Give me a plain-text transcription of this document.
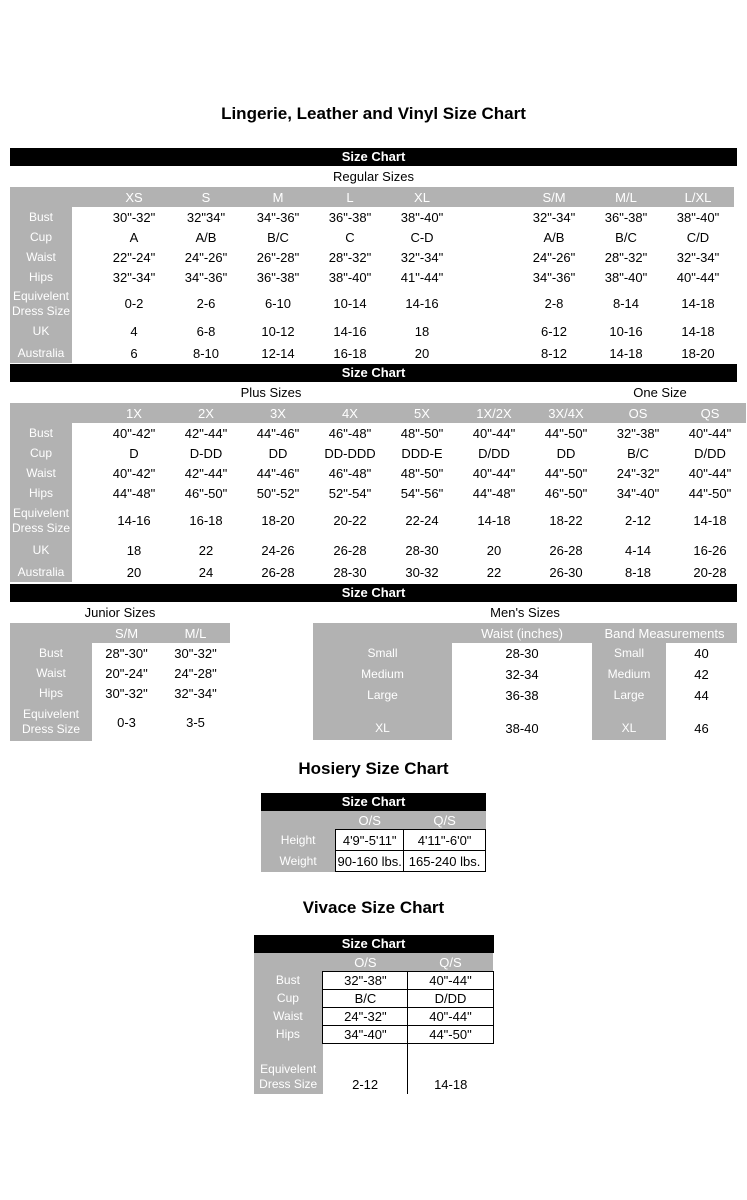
Lingerie, Leather and Vinyl Size Chart
Size Chart
Regular Sizes
		XS	S	M	L	XL		S/M	M/L	L/XL
Bust		30"-32"	32"34"	34"-36"	36"-38"	38"-40"		32"-34"	36"-38"	38"-40"
Cup		A	A/B	B/C	C	C-D		A/B	B/C	C/D
Waist		22"-24"	24"-26"	26"-28"	28"-32"	32"-34"		24"-26"	28"-32"	32"-34"
Hips		32"-34"	34"-36"	36"-38"	38"-40"	41"-44"		34"-36"	38"-40"	40"-44"
Equivelent Dress Size		0-2	2-6	6-10	10-14	14-16		2-8	8-14	14-18
UK		4	6-8	10-12	14-16	18		6-12	10-16	14-18
Australia		6	8-10	12-14	16-18	20		8-12	14-18	18-20
Size Chart
Plus Sizes	One Size
		1X	2X	3X	4X	5X	1X/2X	3X/4X	OS	QS
Bust		40"-42"	42"-44"	44"-46"	46"-48"	48"-50"	40"-44"	44"-50"	32"-38"	40"-44"
Cup		D	D-DD	DD	DD-DDD	DDD-E	D/DD	DD	B/C	D/DD
Waist		40"-42"	42"-44"	44"-46"	46"-48"	48"-50"	40"-44"	44"-50"	24"-32"	40"-44"
Hips		44"-48"	46"-50"	50"-52"	52"-54"	54"-56"	44"-48"	46"-50"	34"-40"	44"-50"
Equivelent Dress Size		14-16	16-18	18-20	20-22	22-24	14-18	18-22	2-12	14-18
UK		18	22	24-26	26-28	28-30	20	26-28	4-14	16-26
Australia		20	24	26-28	28-30	30-32	22	26-30	8-18	20-28
Size Chart
Junior Sizes	Men's Sizes
	S/M	M/L
Bust	28"-30"	30"-32"
Waist	20"-24"	24"-28"
Hips	30"-32"	32"-34"
Equivelent Dress Size	0-3	3-5
	Waist (inches)	Band Measurements	
Small	28-30	Small	40
Medium	32-34	Medium	42
Large	36-38	Large	44
XL	38-40	XL	46
Hosiery Size Chart
Size Chart
	O/S	Q/S
Height	4'9"-5'11"	4'11"-6'0"
Weight	90-160 lbs.	165-240 lbs.
Vivace Size Chart
Size Chart
	O/S	Q/S
Bust	32"-38"	40"-44"
Cup	B/C	D/DD
Waist	24"-32"	40"-44"
Hips	34"-40"	44"-50"

Equivelent Dress Size	2-12	14-18
